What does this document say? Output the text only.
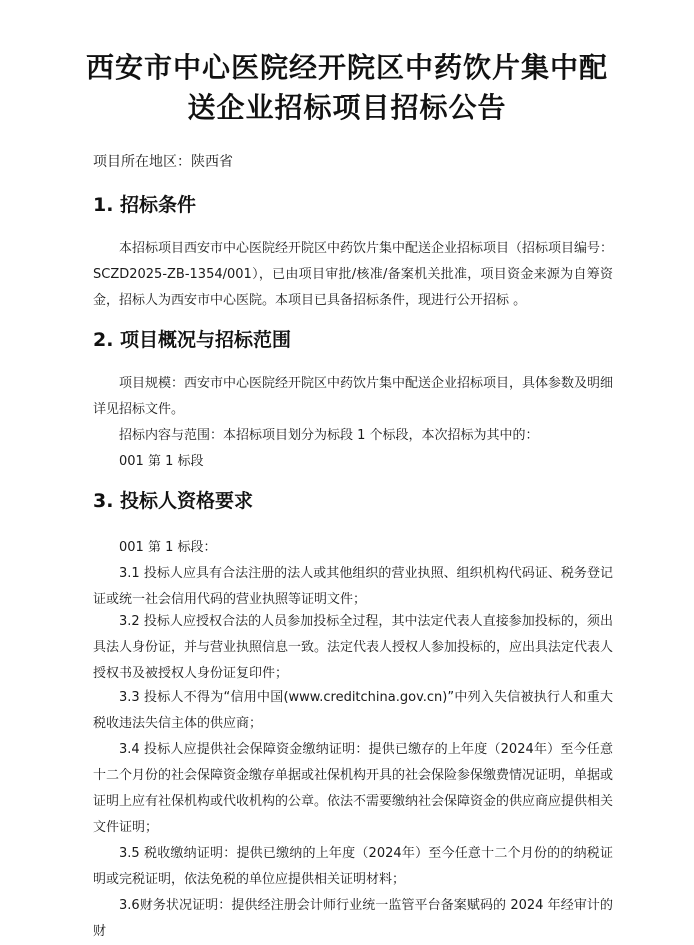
西安市中心医院经开院区中药饮片集中配
送企业招标项目招标公告
项目所在地区：陕西省
1. 招标条件

本招标项目西安市中心医院经开院区中药饮片集中配送企业招标项目（招标项目编号：SCZD2025-ZB-1354/001），已由项目审批/核准/备案机关批准，项目资金来源为自筹资金，招标人为西安市中心医院。本项目已具备招标条件，现进行公开招标 。

2. 项目概况与招标范围

项目规模：西安市中心医院经开院区中药饮片集中配送企业招标项目，具体参数及明细详见招标文件。

招标内容与范围：本招标项目划分为标段 1 个标段，本次招标为其中的：

001 第 1 标段

3. 投标人资格要求

001 第 1 标段：

3.1 投标人应具有合法注册的法人或其他组织的营业执照、组织机构代码证、税务登记证或统一社会信用代码的营业执照等证明文件；

3.2 投标人应授权合法的人员参加投标全过程，其中法定代表人直接参加投标的，须出具法人身份证，并与营业执照信息一致。法定代表人授权人参加投标的，应出具法定代表人授权书及被授权人身份证复印件；

3.3 投标人不得为“信用中国(www.creditchina.gov.cn)”中列入失信被执行人和重大税收违法失信主体的供应商；

3.4 投标人应提供社会保障资金缴纳证明：提供已缴存的上年度（2024年）至今任意十二个月份的社会保障资金缴存单据或社保机构开具的社会保险参保缴费情况证明，单据或证明上应有社保机构或代收机构的公章。依法不需要缴纳社会保障资金的供应商应提供相关文件证明；

3.5 税收缴纳证明：提供已缴纳的上年度（2024年）至今任意十二个月份的的纳税证明或完税证明，依法免税的单位应提供相关证明材料；

3.6财务状况证明：提供经注册会计师行业统一监管平台备案赋码的 2024 年经审计的财
